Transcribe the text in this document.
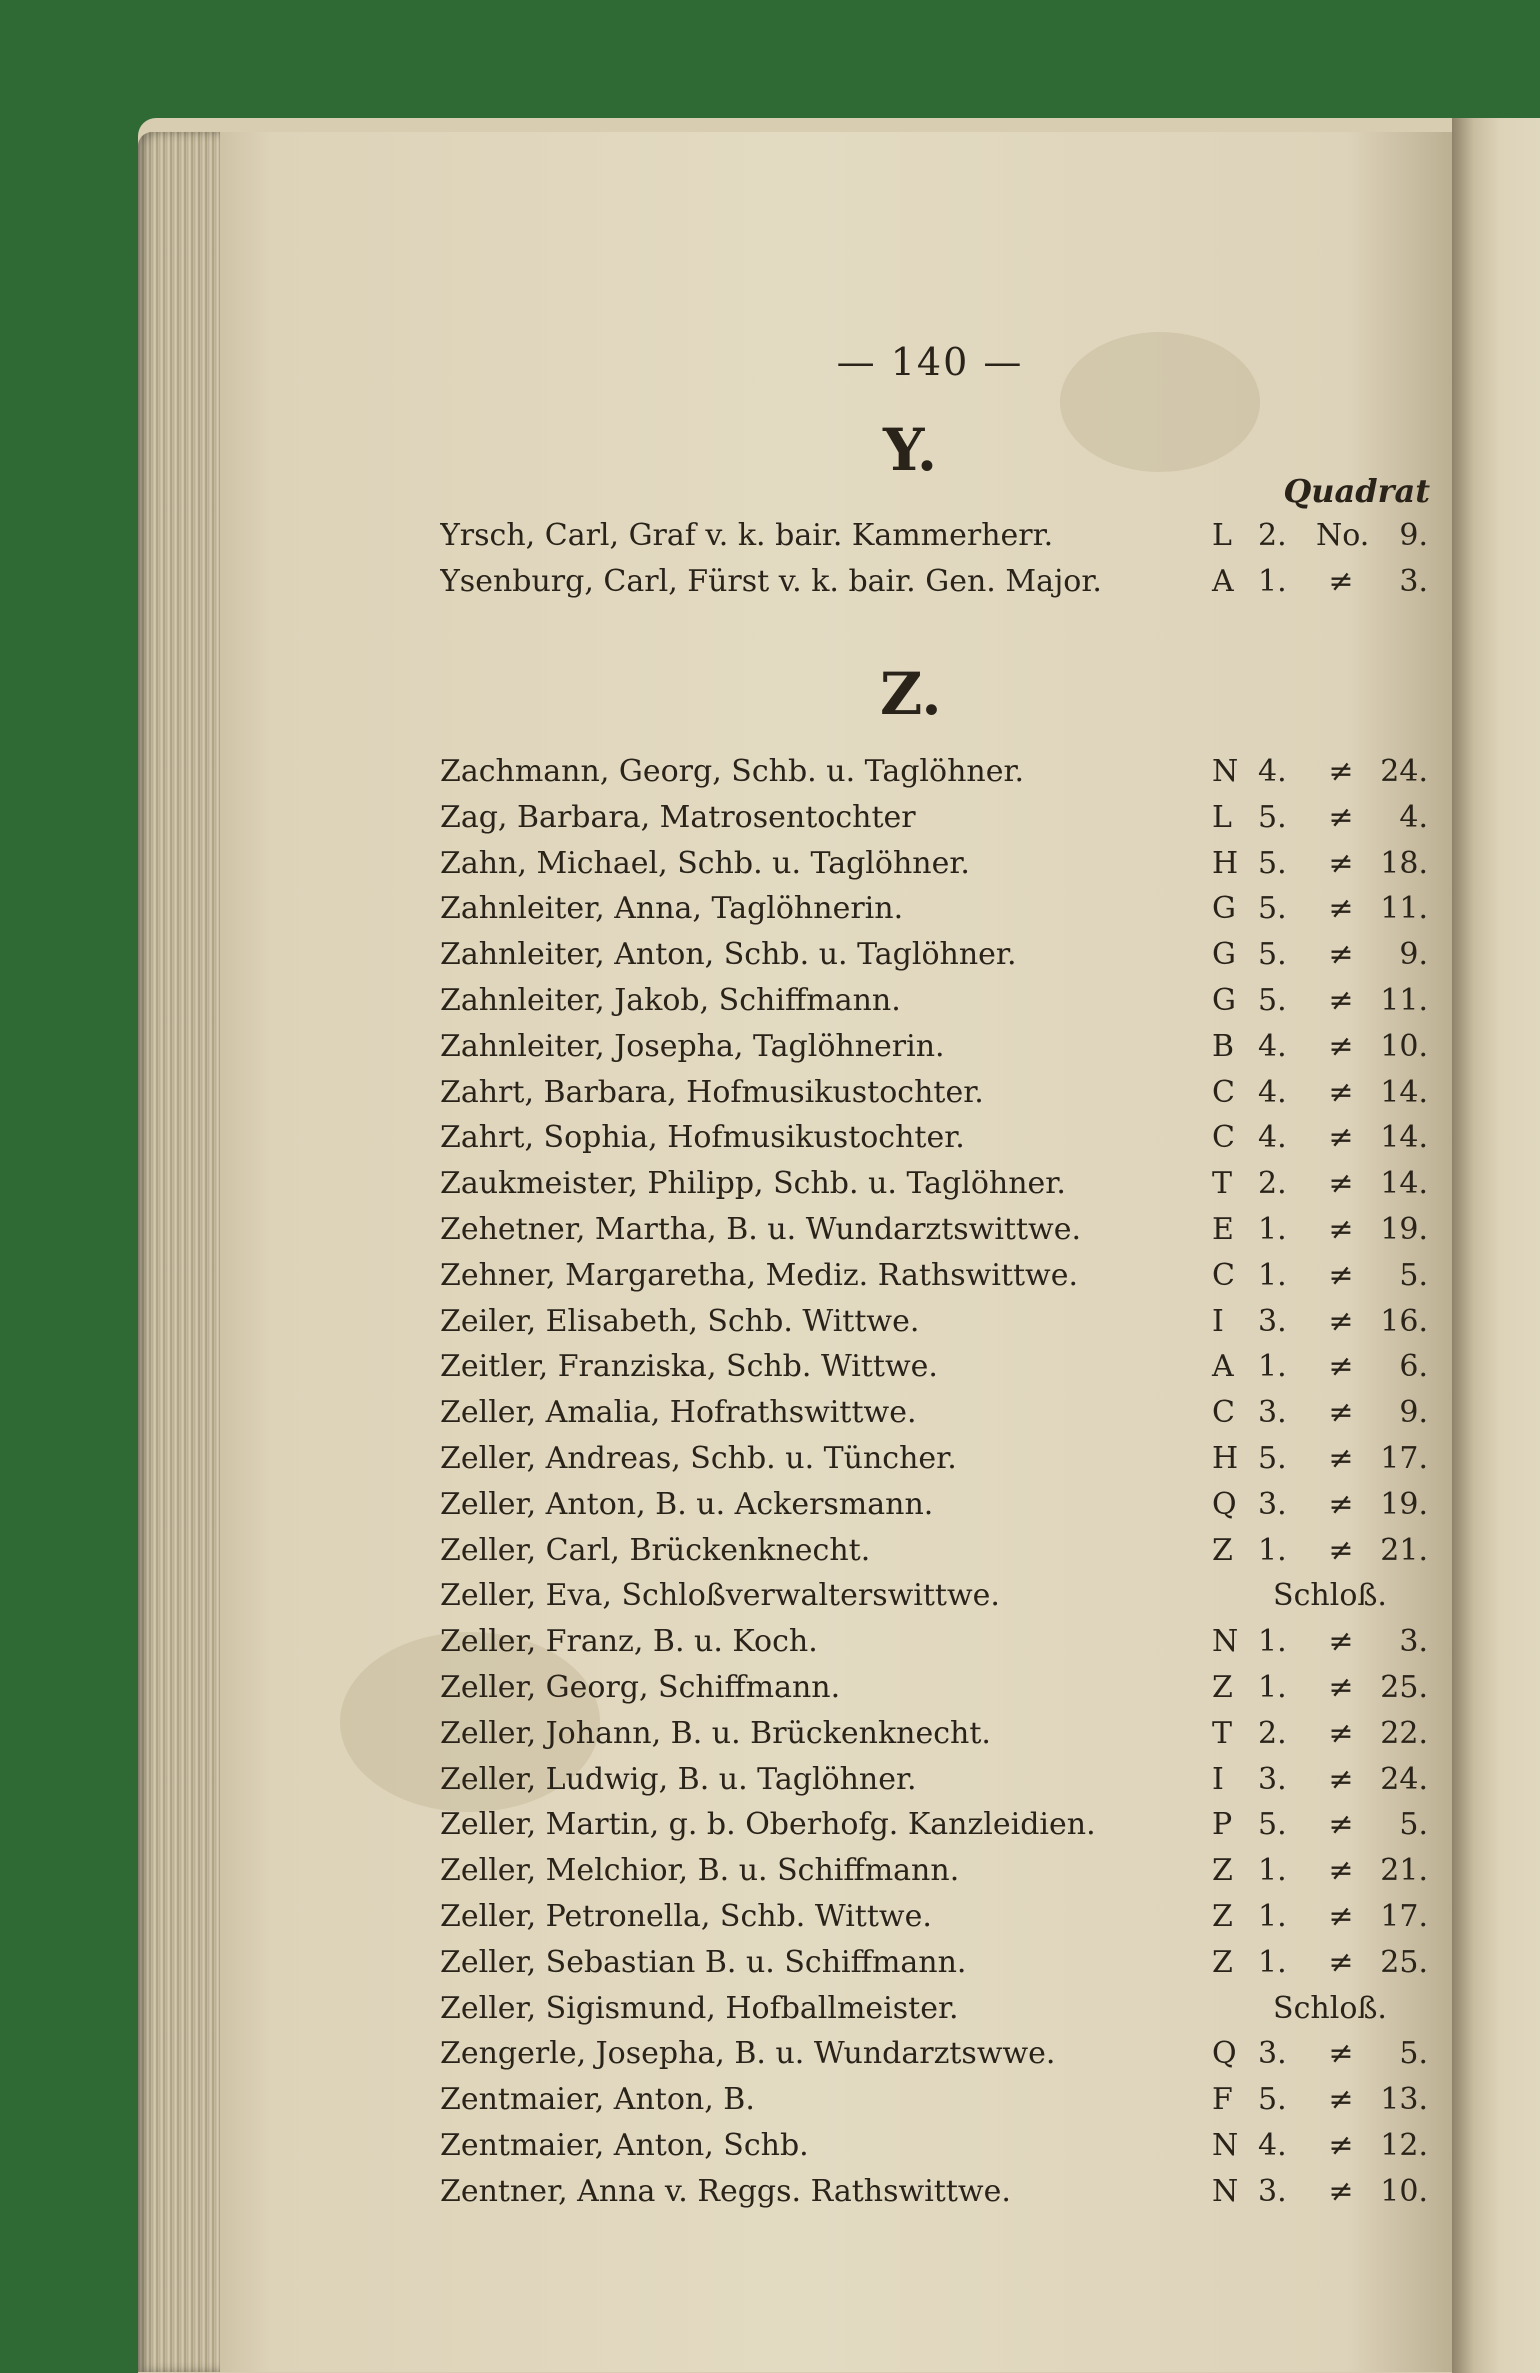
— 140 —
Quadrat
Y.
Yrsch, Carl, Graf v. k. bair. Kammerherr.	L 2. No.	9.
Ysenburg, Carl, Fürst v. k. bair. Gen. Major.	A 1.	≠	3.
Z.
Zachmann, Georg, Schb. u. Taglöhner.	N 4.	≠ 24.
Zag, Barbara, Matrosentochter	L 5.	≠	4.
Zahn, Michael, Schb. u. Taglöhner.	H 5.	≠ 18.
Zahnleiter, Anna, Taglöhnerin.	G 5.	≠ 11.
Zahnleiter, Anton, Schb. u. Taglöhner.	G 5.	≠	9.
Zahnleiter, Jakob, Schiffmann.	G 5.	≠ 11.
Zahnleiter, Josepha, Taglöhnerin.	B 4.	≠ 10.
Zahrt, Barbara, Hofmusikustochter.	C 4.	≠ 14.
Zahrt, Sophia, Hofmusikustochter.	C 4.	≠ 14.
Zaukmeister, Philipp, Schb. u. Taglöhner.	T 2.	≠ 14.
Zehetner, Martha, B. u. Wundarztswittwe.	E 1.	≠ 19.
Zehner, Margaretha, Mediz. Rathswittwe.	C 1.	≠	5.
Zeiler, Elisabeth, Schb. Wittwe.	I	3.	≠ 16.
Zeitler, Franziska, Schb. Wittwe.	A 1.	≠	6.
Zeller, Amalia, Hofrathswittwe.	C 3.	≠	9.
Zeller, Andreas, Schb. u. Tüncher.	H 5.	≠ 17.
Zeller, Anton, B. u. Ackersmann.	Q 3.	≠ 19.
Zeller, Carl, Brückenknecht.	Z 1.	≠ 21.
Zeller, Eva, Schloßverwalterswittwe.	Schloß.
Zeller, Franz, B. u. Koch.	N 1.	≠	3.
Zeller, Georg, Schiffmann.	Z 1.	≠ 25.
Zeller, Johann, B. u. Brückenknecht.	T 2.	≠ 22.
Zeller, Ludwig, B. u. Taglöhner.	I	3.	≠ 24.
Zeller, Martin, g. b. Oberhofg. Kanzleidien.	P 5.	≠	5.
Zeller, Melchior, B. u. Schiffmann.	Z 1.	≠ 21.
Zeller, Petronella, Schb. Wittwe.	Z 1.	≠ 17.
Zeller, Sebastian B. u. Schiffmann.	Z 1.	≠ 25.
Zeller, Sigismund, Hofballmeister.	Schloß.
Zengerle, Josepha, B. u. Wundarztswwe.	Q 3.	≠	5.
Zentmaier, Anton, B.	F 5.	≠ 13.
Zentmaier, Anton, Schb.	N 4.	≠ 12.
Zentner, Anna v. Reggs. Rathswittwe.	N 3.	≠ 10.
